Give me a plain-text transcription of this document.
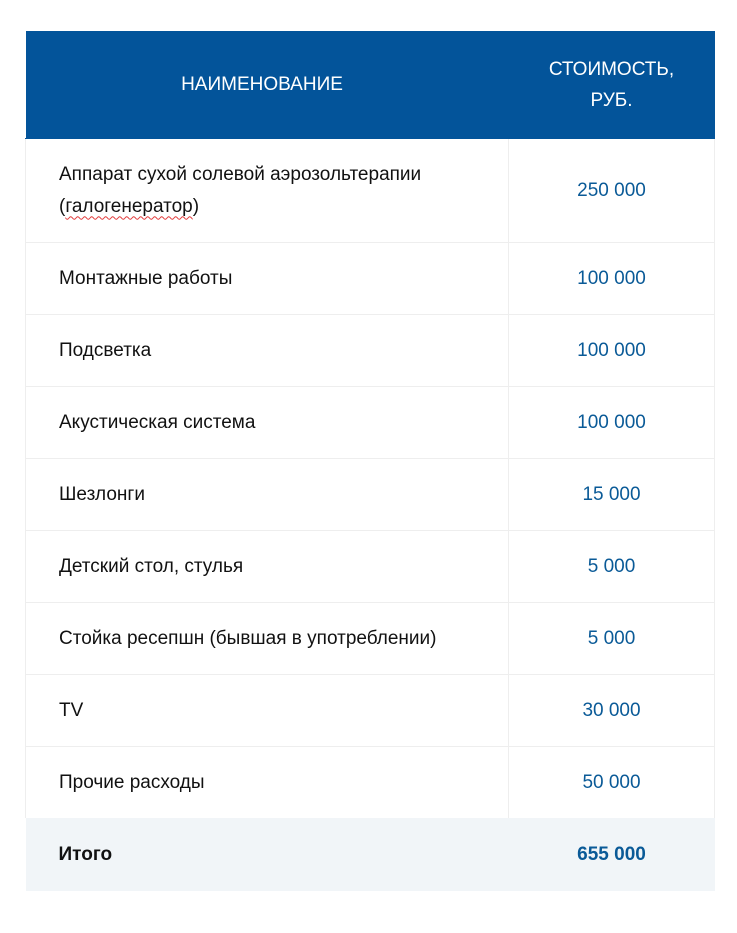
НАИМЕНОВАНИЕ	СТОИМОСТЬ,
РУБ.
Аппарат сухой солевой аэрозольтерапии
(галогенератор)	250 000
Монтажные работы	100 000
Подсветка	100 000
Акустическая система	100 000
Шезлонги	15 000
Детский стол, стулья	5 000
Стойка ресепшн (бывшая в употреблении)	5 000
TV	30 000
Прочие расходы	50 000
Итого	655 000
